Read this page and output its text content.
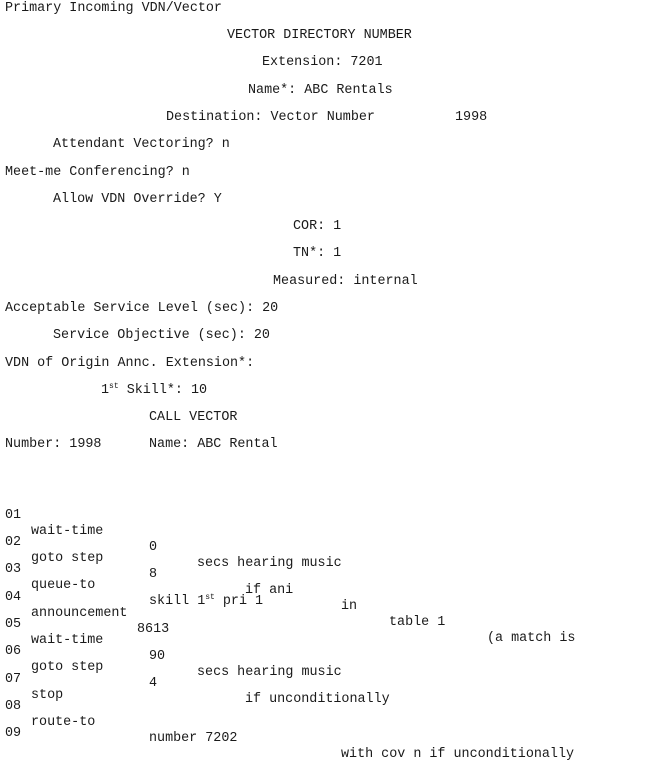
Primary Incoming VDN/Vector
VECTOR DIRECTORY NUMBER
Extension: 7201
Name*: ABC Rentals
Destination: Vector Number	1998
Attendant Vectoring? n
Meet-me Conferencing? n
Allow VDN Override? Y
COR: 1
TN*: 1
Measured: internal
Acceptable Service Level (sec): 20
Service Objective (sec): 20
VDN of Origin Annc. Extension*:
1st Skill*: 10
CALL VECTOR
Number: 1998	Name: ABC Rental

01

wait-time

0

secs hearing music

02

goto step

8

if ani

in

table 1

(a match is

03

queue-to

skill 1st pri 1

04

announcement

8613

05

wait-time

90

secs hearing music

06

goto step

4

if unconditionally

07

stop

08

route-to

number 7202

with cov n if unconditionally

09
